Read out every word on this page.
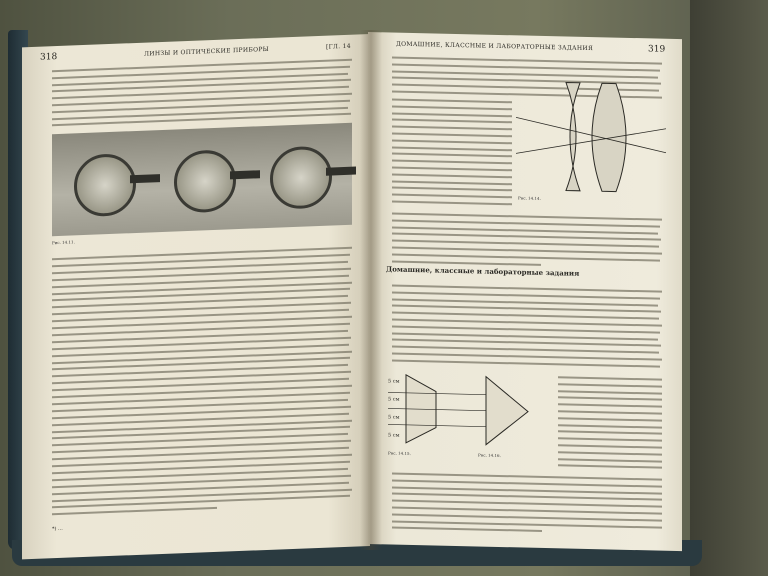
318	ЛИНЗЫ И ОПТИЧЕСКИЕ ПРИБОРЫ	[ГЛ. 14
Рис. 14.11.
*) ...
ДОМАШНИЕ, КЛАССНЫЕ И ЛАБОРАТОРНЫЕ ЗАДАНИЯ	319
Рис. 14.14.
Домашние, классные и лабораторные задания
5 см
5 см
5 см
5 см
Рис. 14.15.	Рис. 14.16.
